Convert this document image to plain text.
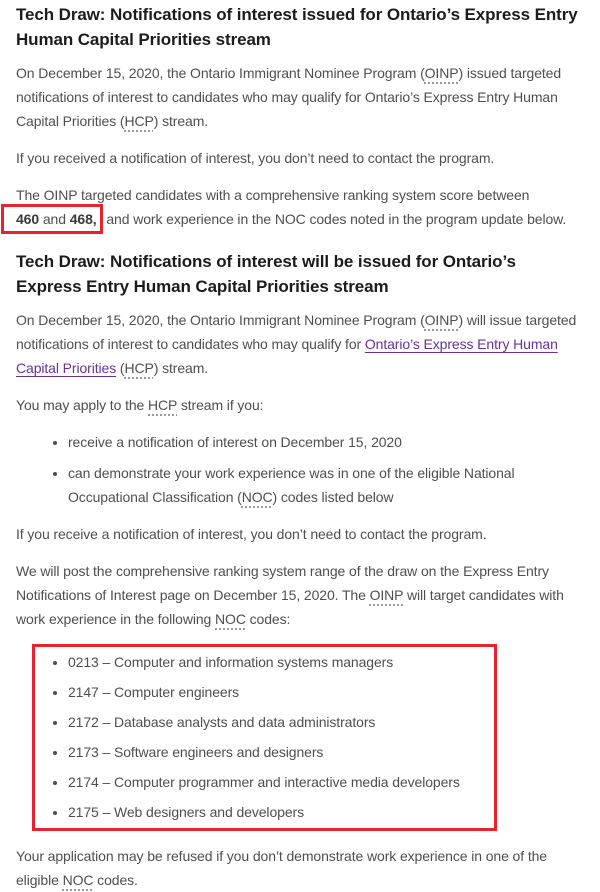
Tech Draw: Notifications of interest issued for Ontario’s Express Entry Human Capital Priorities stream

On December 15, 2020, the Ontario Immigrant Nominee Program (OINP) issued targeted notifications of interest to candidates who may qualify for Ontario’s Express Entry Human Capital Priorities (HCP) stream.

If you received a notification of interest, you don’t need to contact the program.

The OINP targeted candidates with a comprehensive ranking system score between 460 and 468, and work experience in the NOC codes noted in the program update below.

Tech Draw: Notifications of interest will be issued for Ontario’s Express Entry Human Capital Priorities stream

On December 15, 2020, the Ontario Immigrant Nominee Program (OINP) will issue targeted notifications of interest to candidates who may qualify for Ontario’s Express Entry Human Capital Priorities (HCP) stream.

You may apply to the HCP stream if you:

• receive a notification of interest on December 15, 2020
• can demonstrate your work experience was in one of the eligible National Occupational Classification (NOC) codes listed below

If you receive a notification of interest, you don’t need to contact the program.

We will post the comprehensive ranking system range of the draw on the Express Entry Notifications of Interest page on December 15, 2020. The OINP will target candidates with work experience in the following NOC codes:

• 0213 – Computer and information systems managers
• 2147 – Computer engineers
• 2172 – Database analysts and data administrators
• 2173 – Software engineers and designers
• 2174 – Computer programmer and interactive media developers
• 2175 – Web designers and developers

Your application may be refused if you don’t demonstrate work experience in one of the eligible NOC codes.
